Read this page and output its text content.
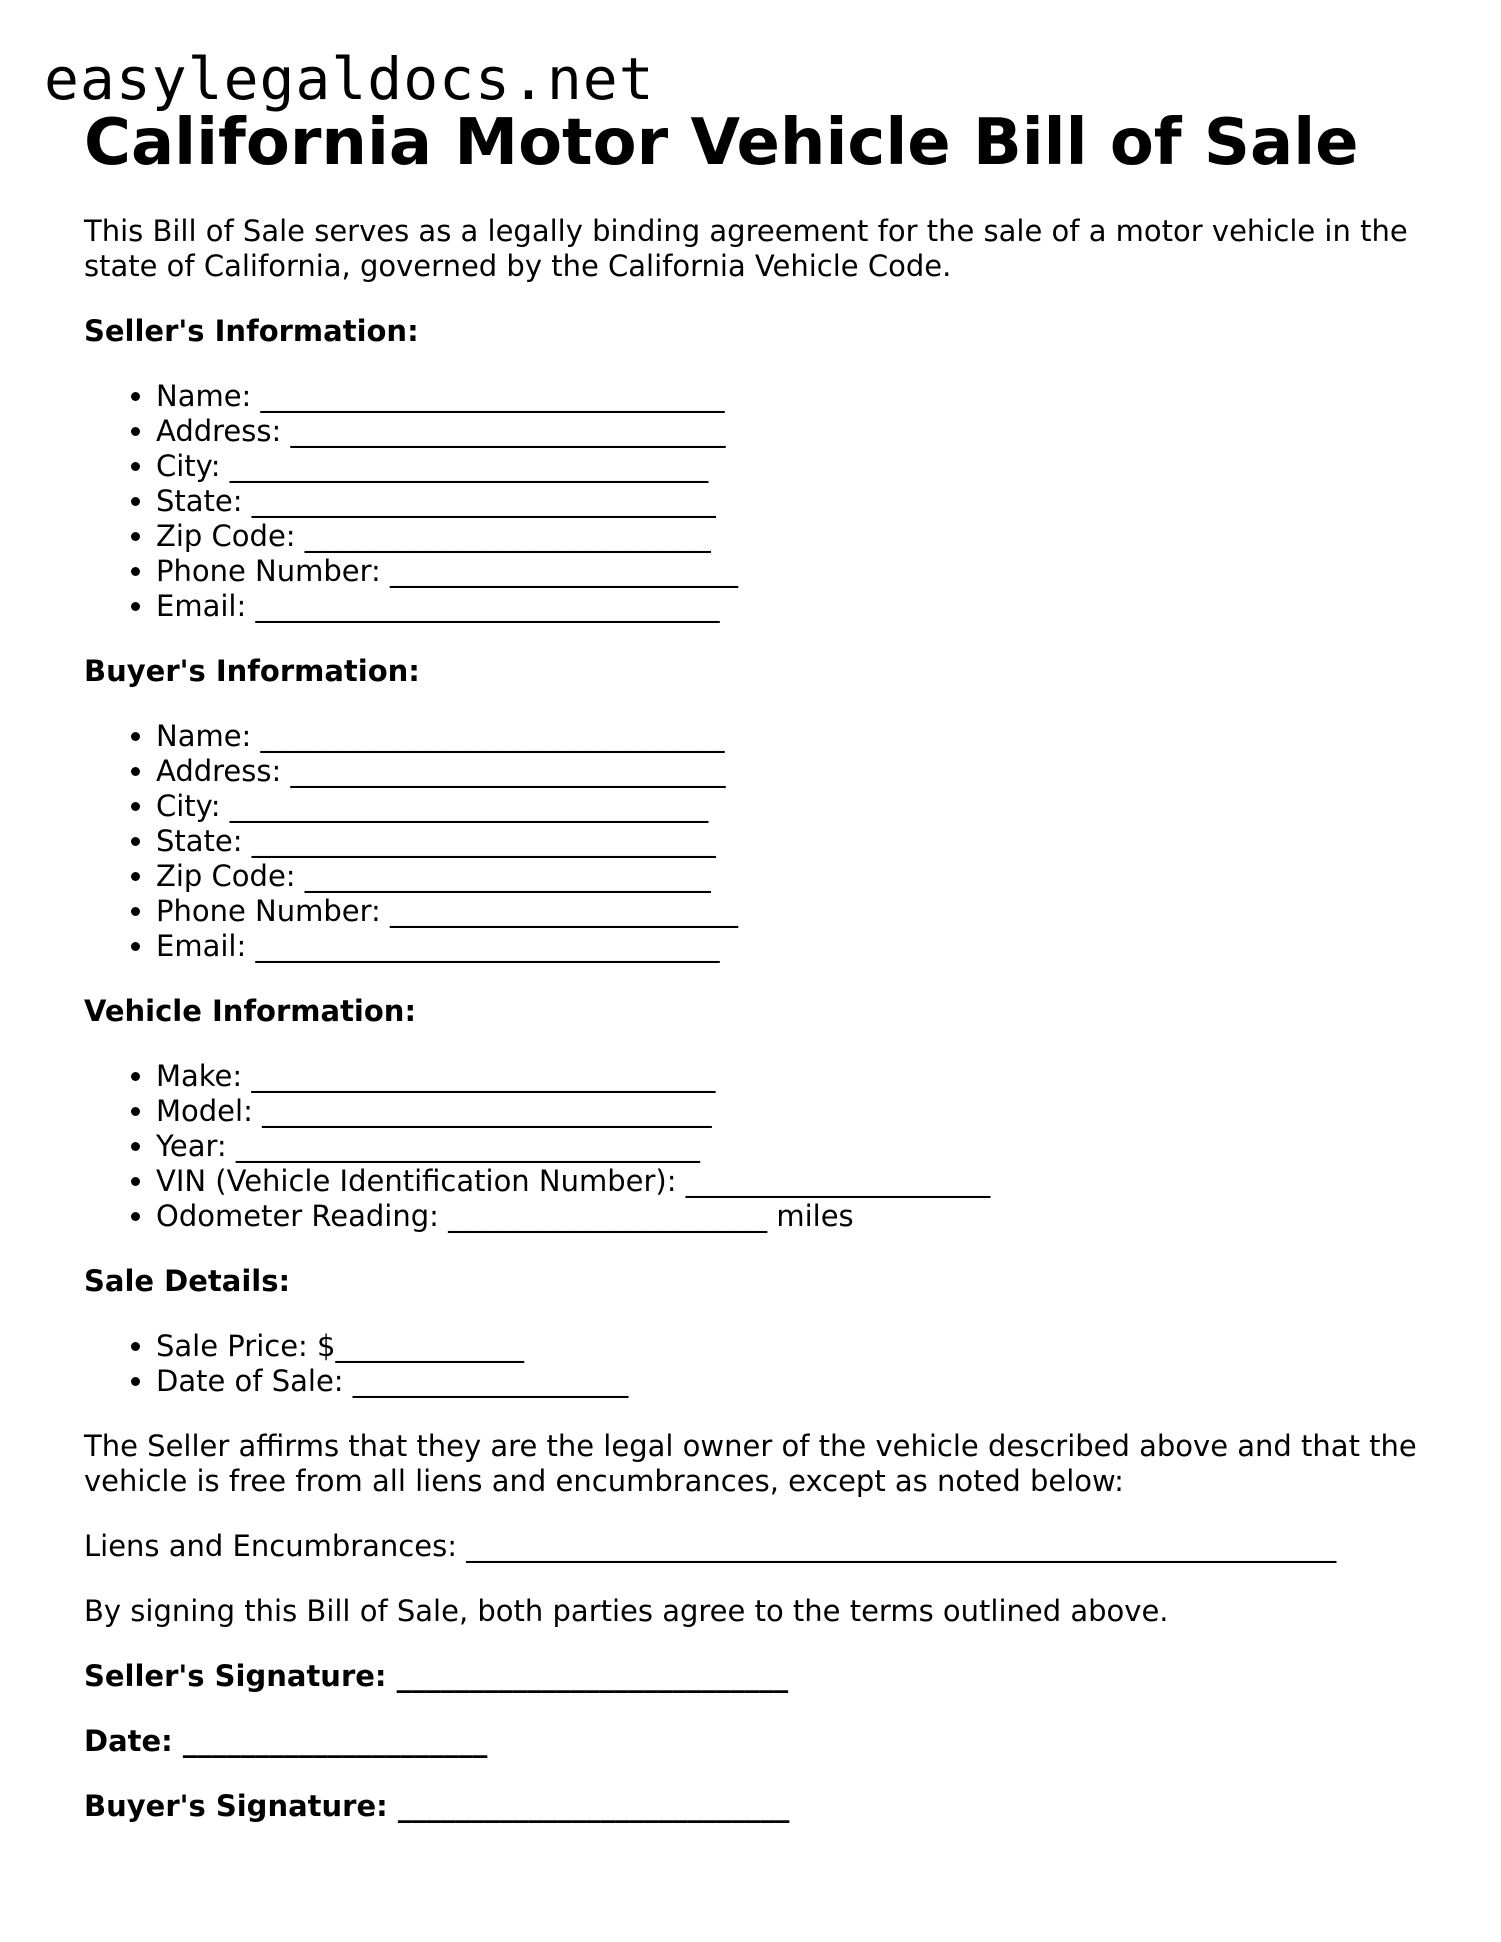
easylegaldocs.net
California Motor Vehicle Bill of Sale

This Bill of Sale serves as a legally binding agreement for the sale of a motor vehicle in the state of California, governed by the California Vehicle Code.

Seller's Information:
• Name: ________________________________
• Address: ______________________________
• City: _________________________________
• State: ________________________________
• Zip Code: ____________________________
• Phone Number: ________________________
• Email: ________________________________
Buyer's Information:
• Name: ________________________________
• Address: ______________________________
• City: _________________________________
• State: ________________________________
• Zip Code: ____________________________
• Phone Number: ________________________
• Email: ________________________________
Vehicle Information:
• Make: ________________________________
• Model: _______________________________
• Year: ________________________________
• VIN (Vehicle Identification Number): _____________________
• Odometer Reading: ______________________ miles
Sale Details:
• Sale Price: $_____________
• Date of Sale: ___________________

The Seller affirms that they are the legal owner of the vehicle described above and that the vehicle is free from all liens and encumbrances, except as noted below:

Liens and Encumbrances: ____________________________________________________________

By signing this Bill of Sale, both parties agree to the terms outlined above.

Seller's Signature: ___________________________

Date: _____________________

Buyer's Signature: ___________________________
